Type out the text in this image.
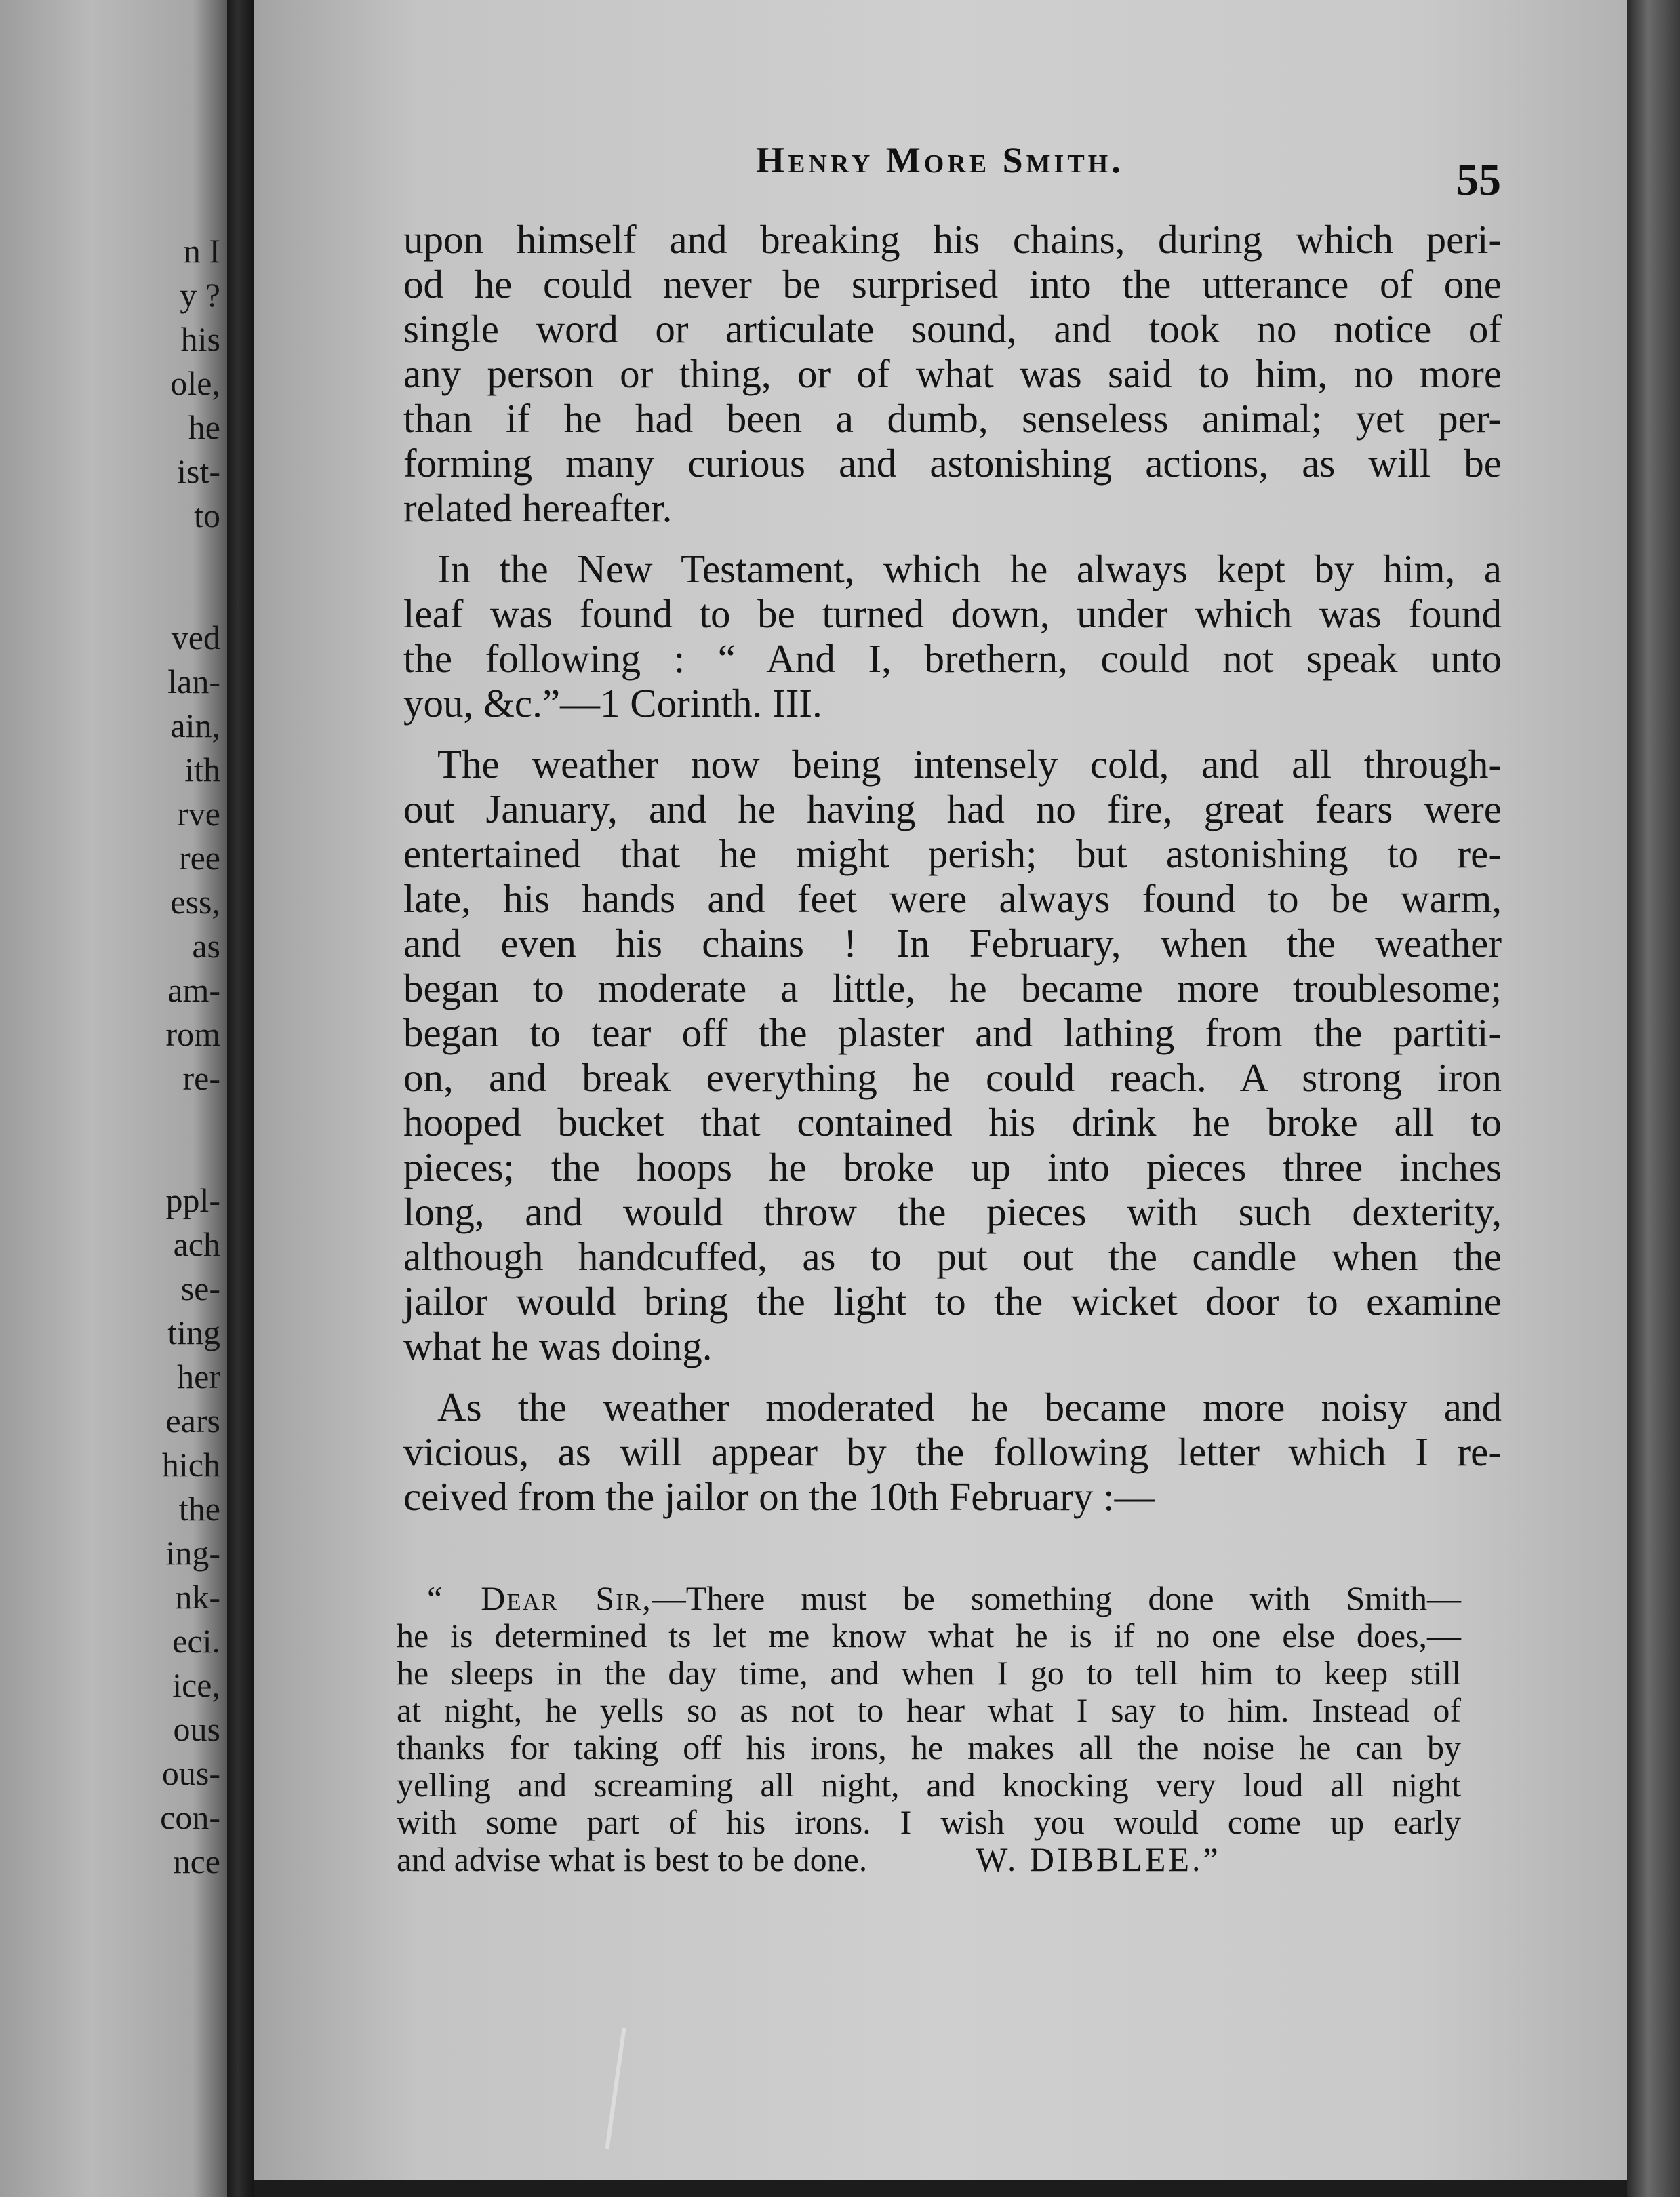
n I
y ?
his
ole,
he
ist-
to
ved
lan-
ain,
ith
rve
ree
ess,
as
am-
rom
re-
ppl-
ach
se-
ting
her
ears
hich
the
ing-
nk-
eci.
ice,
ous
ous-
con-
nce
Henry More Smith.	55
upon himself and breaking his chains, during which peri-
od he could never be surprised into the utterance of one
single word or articulate sound, and took no notice of
any person or thing, or of what was said to him, no more
than if he had been a dumb, senseless animal; yet per-
forming many curious and astonishing actions, as will be
related hereafter.
In the New Testament, which he always kept by him, a
leaf was found to be turned down, under which was found
the following : “ And I, brethern, could not speak unto
you, &c.”—1 Corinth. III.
The weather now being intensely cold, and all through-
out January, and he having had no fire, great fears were
entertained that he might perish; but astonishing to re-
late, his hands and feet were always found to be warm,
and even his chains ! In February, when the weather
began to moderate a little, he became more troublesome;
began to tear off the plaster and lathing from the partiti-
on, and break everything he could reach. A strong iron
hooped bucket that contained his drink he broke all to
pieces; the hoops he broke up into pieces three inches
long, and would throw the pieces with such dexterity,
although handcuffed, as to put out the candle when the
jailor would bring the light to the wicket door to examine
what he was doing.
As the weather moderated he became more noisy and
vicious, as will appear by the following letter which I re-
ceived from the jailor on the 10th February :—
“ Dear Sir,—There must be something done with Smith—
he is determined ts let me know what he is if no one else does,—
he sleeps in the day time, and when I go to tell him to keep still
at night, he yells so as not to hear what I say to him. Instead of
thanks for taking off his irons, he makes all the noise he can by
yelling and screaming all night, and knocking very loud all night
with some part of his irons. I wish you would come up early
and advise what is best to be done.	W. DIBBLEE.”
